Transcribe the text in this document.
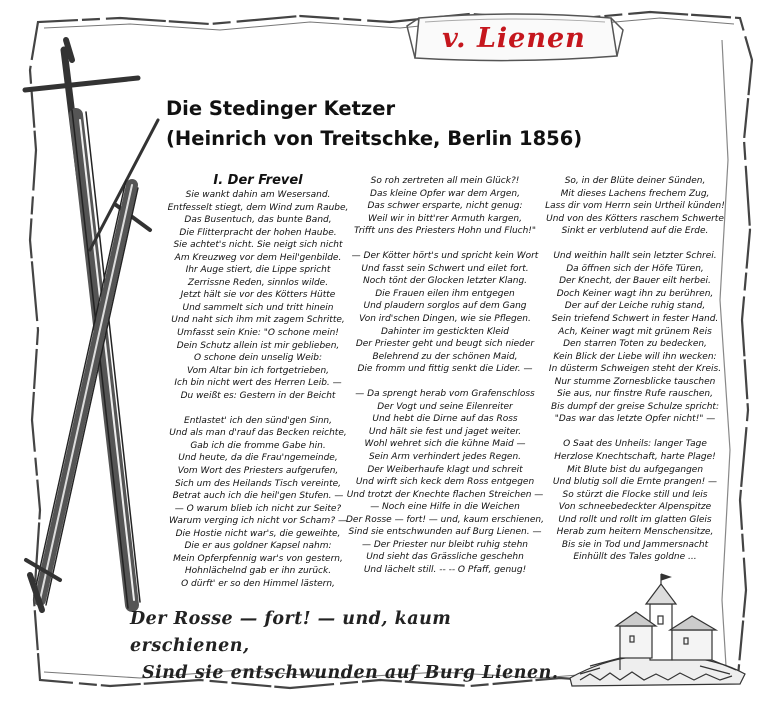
v. Lienen
Die Stedinger Ketzer
(Heinrich von Treitschke, Berlin 1856)
I. Der Frevel
Sie wankt dahin am Wesersand.
Entfesselt stiegt, dem Wind zum Raube,
Das Busentuch, das bunte Band,
Die Flitterpracht der hohen Haube.
Sie achtet's nicht. Sie neigt sich nicht
Am Kreuzweg vor dem Heil'genbilde.
Ihr Auge stiert, die Lippe spricht
Zerrissne Reden, sinnlos wilde.
Jetzt hält sie vor des Kötters Hütte
Und sammelt sich und tritt hinein
Und naht sich ihm mit zagem Schritte,
Umfasst sein Knie: "O schone mein!
Dein Schutz allein ist mir geblieben,
O schone dein unselig Weib:
Vom Altar bin ich fortgetrieben,
Ich bin nicht wert des Herren Leib. —
Du weißt es: Gestern in der Beicht
Entlastet' ich den sünd'gen Sinn,
Und als man d'rauf das Becken reichte,
Gab ich die fromme Gabe hin.
Und heute, da die Frau'ngemeinde,
Vom Wort des Priesters aufgerufen,
Sich um des Heilands Tisch vereinte,
Betrat auch ich die heil'gen Stufen. —
— O warum blieb ich nicht zur Seite?
Warum verging ich nicht vor Scham? —
Die Hostie nicht war's, die geweihte,
Die er aus goldner Kapsel nahm:
Mein Opferpfennig war's von gestern,
Hohnlächelnd gab er ihn zurück.
O dürft' er so den Himmel lästern,
So roh zertreten all mein Glück?!
Das kleine Opfer war dem Argen,
Das schwer ersparte, nicht genug:
Weil wir in bitt'rer Armuth kargen,
Trifft uns des Priesters Hohn und Fluch!"
— Der Kötter hört's und spricht kein Wort
Und fasst sein Schwert und eilet fort.
Noch tönt der Glocken letzter Klang.
Die Frauen eilen ihm entgegen
Und plaudern sorglos auf dem Gang
Von ird'schen Dingen, wie sie Pflegen.
Dahinter im gestickten Kleid
Der Priester geht und beugt sich nieder
Belehrend zu der schönen Maid,
Die fromm und fittig senkt die Lider. —
— Da sprengt herab vom Grafenschloss
Der Vogt und seine Eilenreiter
Und hebt die Dirne auf das Ross
Und hält sie fest und jaget weiter.
Wohl wehret sich die kühne Maid —
Sein Arm verhindert jedes Regen.
Der Weiberhaufe klagt und schreit
Und wirft sich keck dem Ross entgegen
Und trotzt der Knechte flachen Streichen —
— Noch eine Hilfe in die Weichen
Der Rosse — fort! — und, kaum erschienen,
Sind sie entschwunden auf Burg Lienen. —
— Der Priester nur bleibt ruhig stehn
Und sieht das Grässliche geschehn
Und lächelt still. -- -- O Pfaff, genug!
So, in der Blüte deiner Sünden,
Mit dieses Lachens frechem Zug,
Lass dir vom Herrn sein Urtheil künden!
Und von des Kötters raschem Schwerte
Sinkt er verblutend auf die Erde.
Und weithin hallt sein letzter Schrei.
Da öffnen sich der Höfe Türen,
Der Knecht, der Bauer eilt herbei.
Doch Keiner wagt ihn zu berühren,
Der auf der Leiche ruhig stand,
Sein triefend Schwert in fester Hand.
Ach, Keiner wagt mit grünem Reis
Den starren Toten zu bedecken,
Kein Blick der Liebe will ihn wecken:
In düsterm Schweigen steht der Kreis.
Nur stumme Zornesblicke tauschen
Sie aus, nur finstre Rufe rauschen,
Bis dumpf der greise Schulze spricht:
"Das war das letzte Opfer nicht!" —
O Saat des Unheils: langer Tage
Herzlose Knechtschaft, harte Plage!
Mit Blute bist du aufgegangen
Und blutig soll die Ernte prangen! —
So stürzt die Flocke still und leis
Von schneebedeckter Alpenspitze
Und rollt und rollt im glatten Gleis
Herab zum heitern Menschensitze,
Bis sie in Tod und Jammersnacht
Einhüllt des Tales goldne ...
Der Rosse — fort! — und, kaum erschienen,
Sind sie entschwunden auf Burg Lienen.
